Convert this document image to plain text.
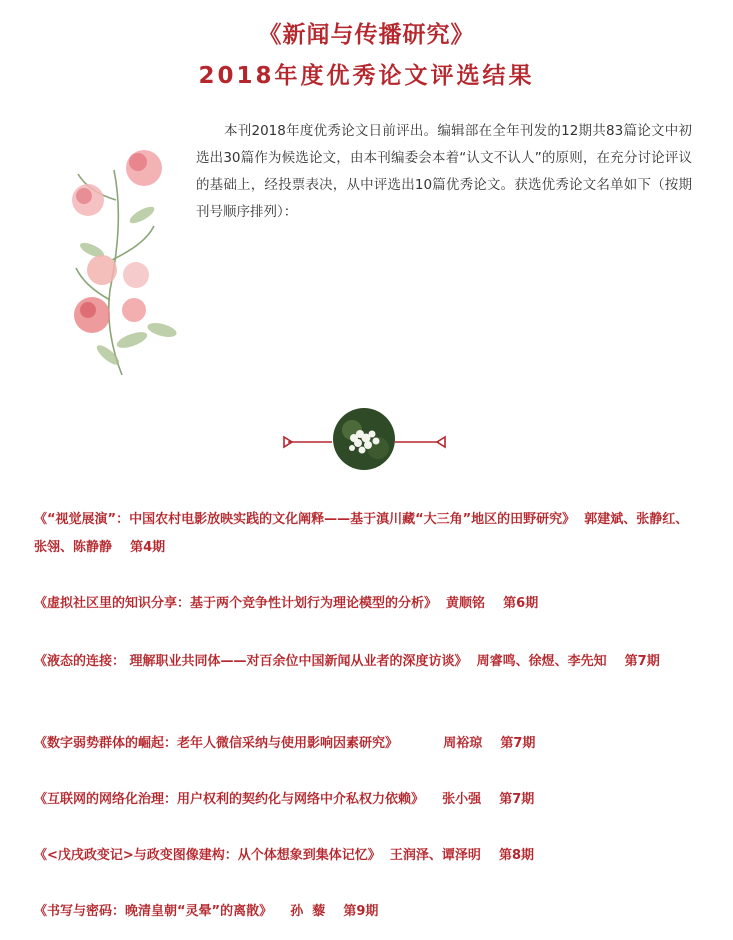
《新闻与传播研究》
2018年度优秀论文评选结果

本刊2018年度优秀论文日前评出。编辑部在全年刊发的12期共83篇论文中初选出30篇作为候选论文，由本刊编委会本着“认文不认人”的原则，在充分讨论评议的基础上，经投票表决，从中评选出10篇优秀论文。获选优秀论文名单如下（按期刊号顺序排列）：

《“视觉展演”：中国农村电影放映实践的文化阐释——基于滇川藏“大三角”地区的田野研究》  郭建斌、张静红、张翎、陈静静    第4期
《虚拟社区里的知识分享：基于两个竞争性计划行为理论模型的分析》  黄顺铭    第6期
《液态的连接： 理解职业共同体——对百余位中国新闻从业者的深度访谈》  周睿鸣、徐煜、李先知    第7期
《数字弱势群体的崛起：老年人微信采纳与使用影响因素研究》          周裕琼    第7期
《互联网的网络化治理：用户权利的契约化与网络中介私权力依赖》    张小强    第7期
《<戊戌政变记>与政变图像建构：从个体想象到集体记忆》  王润泽、谭泽明    第8期
《书写与密码：晚清皇朝“灵晕”的离散》    孙  藜    第9期
